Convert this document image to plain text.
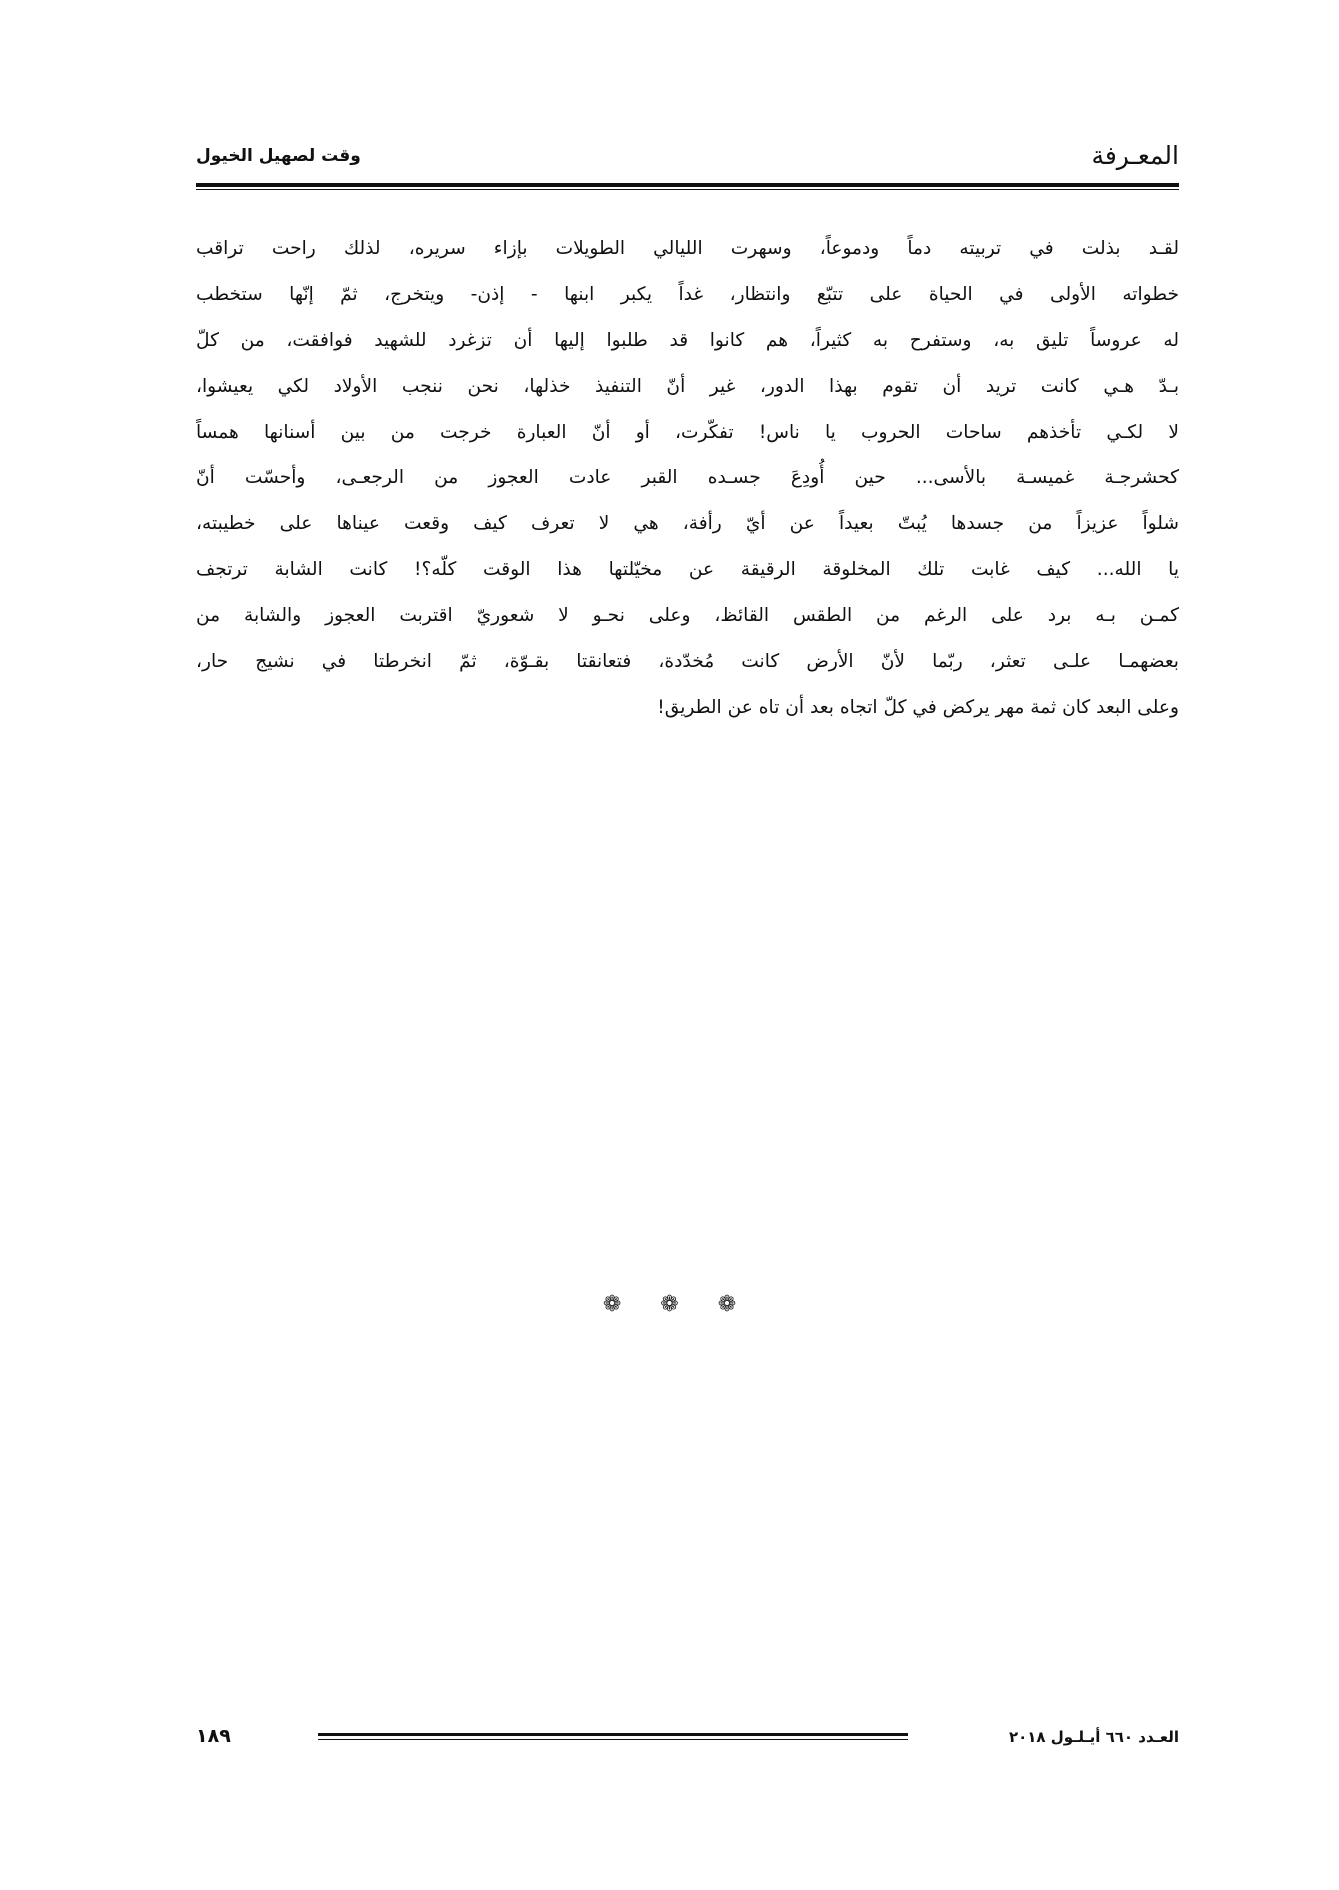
المعـرفة
وقت لصهيل الخيول
لقـد بذلت في تربيته دماً ودموعاً، وسهرت الليالي الطويلات بإزاء سريره، لذلك راحت تراقب
خطواته الأولى في الحياة على تتبّع وانتظار، غداً يكبر ابنها - إذن- ويتخرج، ثمّ إنّها ستخطب
له عروساً تليق به، وستفرح به كثيراً، هم كانوا قد طلبوا إليها أن تزغرد للشهيد فوافقت، من كلّ
بـدّ هـي كانت تريد أن تقوم بهذا الدور، غير أنّ التنفيذ خذلها، نحن ننجب الأولاد لكي يعيشوا،
لا لكـي تأخذهم ساحات الحروب يا ناس! تفكّرت، أو أنّ العبارة خرجت من بين أسنانها همساً
كحشرجـة غميسـة بالأسى... حين أُودِعَ جسـده القبر عادت العجوز من الرجعـى، وأحسّت أنّ
شلواً عزيزاً من جسدها يُبتّ بعيداً عن أيّ رأفة، هي لا تعرف كيف وقعت عيناها على خطيبته،
يا الله... كيف غابت تلك المخلوقة الرقيقة عن مخيّلتها هذا الوقت كلّه؟! كانت الشابة ترتجف
كمـن بـه برد على الرغم من الطقس القائظ، وعلى نحـو لا شعوريّ اقتربت العجوز والشابة من
بعضهمـا علـى تعثر، ربّما لأنّ الأرض كانت مُخدّدة، فتعانقتا بقـوّة، ثمّ انخرطتا في نشيج حار،
وعلى البعد كان ثمة مهر يركض في كلّ اتجاه بعد أن تاه عن الطريق!
❁ ❁ ❁
١٨٩	العـدد ٦٦٠ أيـلـول ٢٠١٨
